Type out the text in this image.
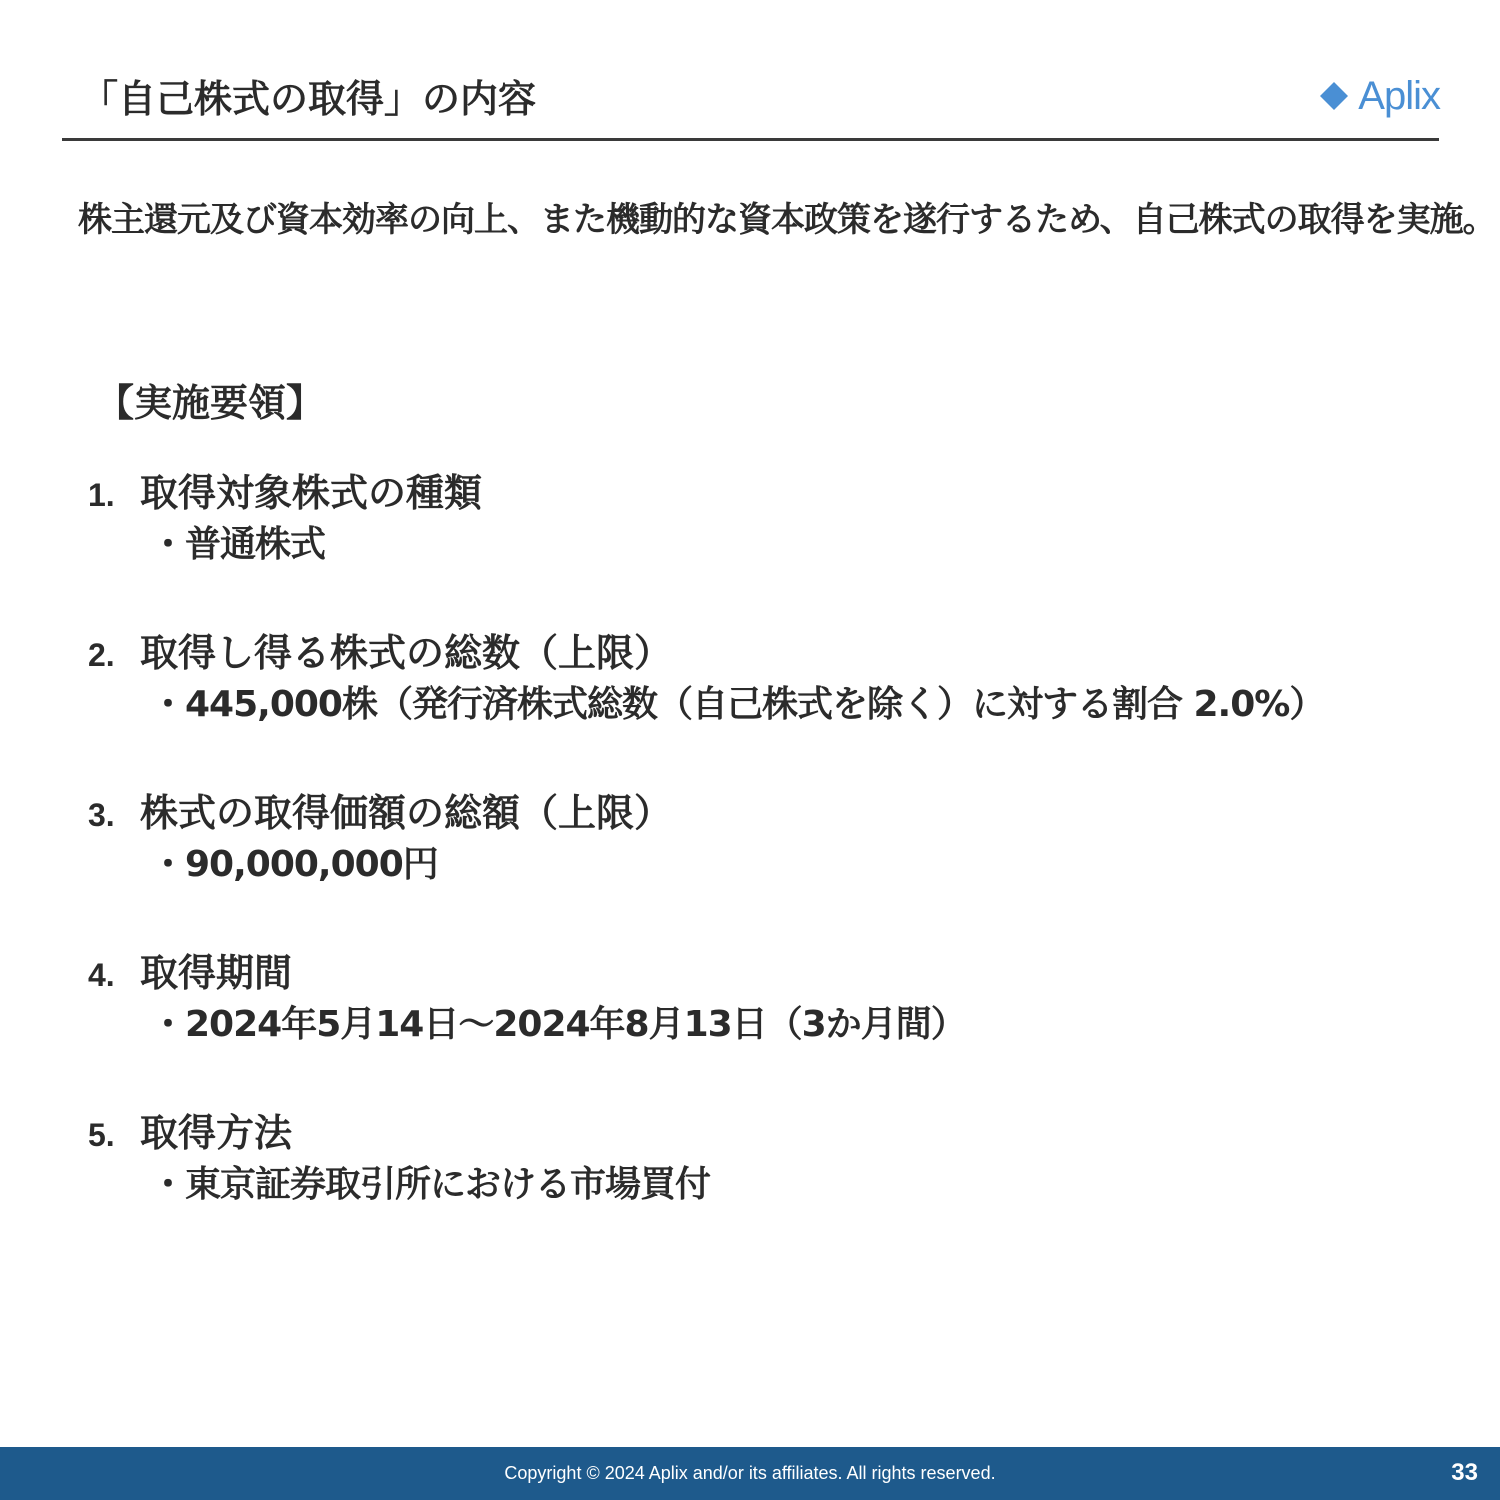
「自己株式の取得」の内容	Aplix
株主還元及び資本効率の向上、また機動的な資本政策を遂行するため、自己株式の取得を実施。
【実施要領】
1. 取得対象株式の種類
・普通株式
2. 取得し得る株式の総数（上限）
・445,000株（発行済株式総数（自己株式を除く）に対する割合 2.0%）
3. 株式の取得価額の総額（上限）
・90,000,000円
4. 取得期間
・2024年5月14日～2024年8月13日（3か月間）
5. 取得方法
・東京証券取引所における市場買付
Copyright © 2024 Aplix and/or its affiliates. All rights reserved.	33
